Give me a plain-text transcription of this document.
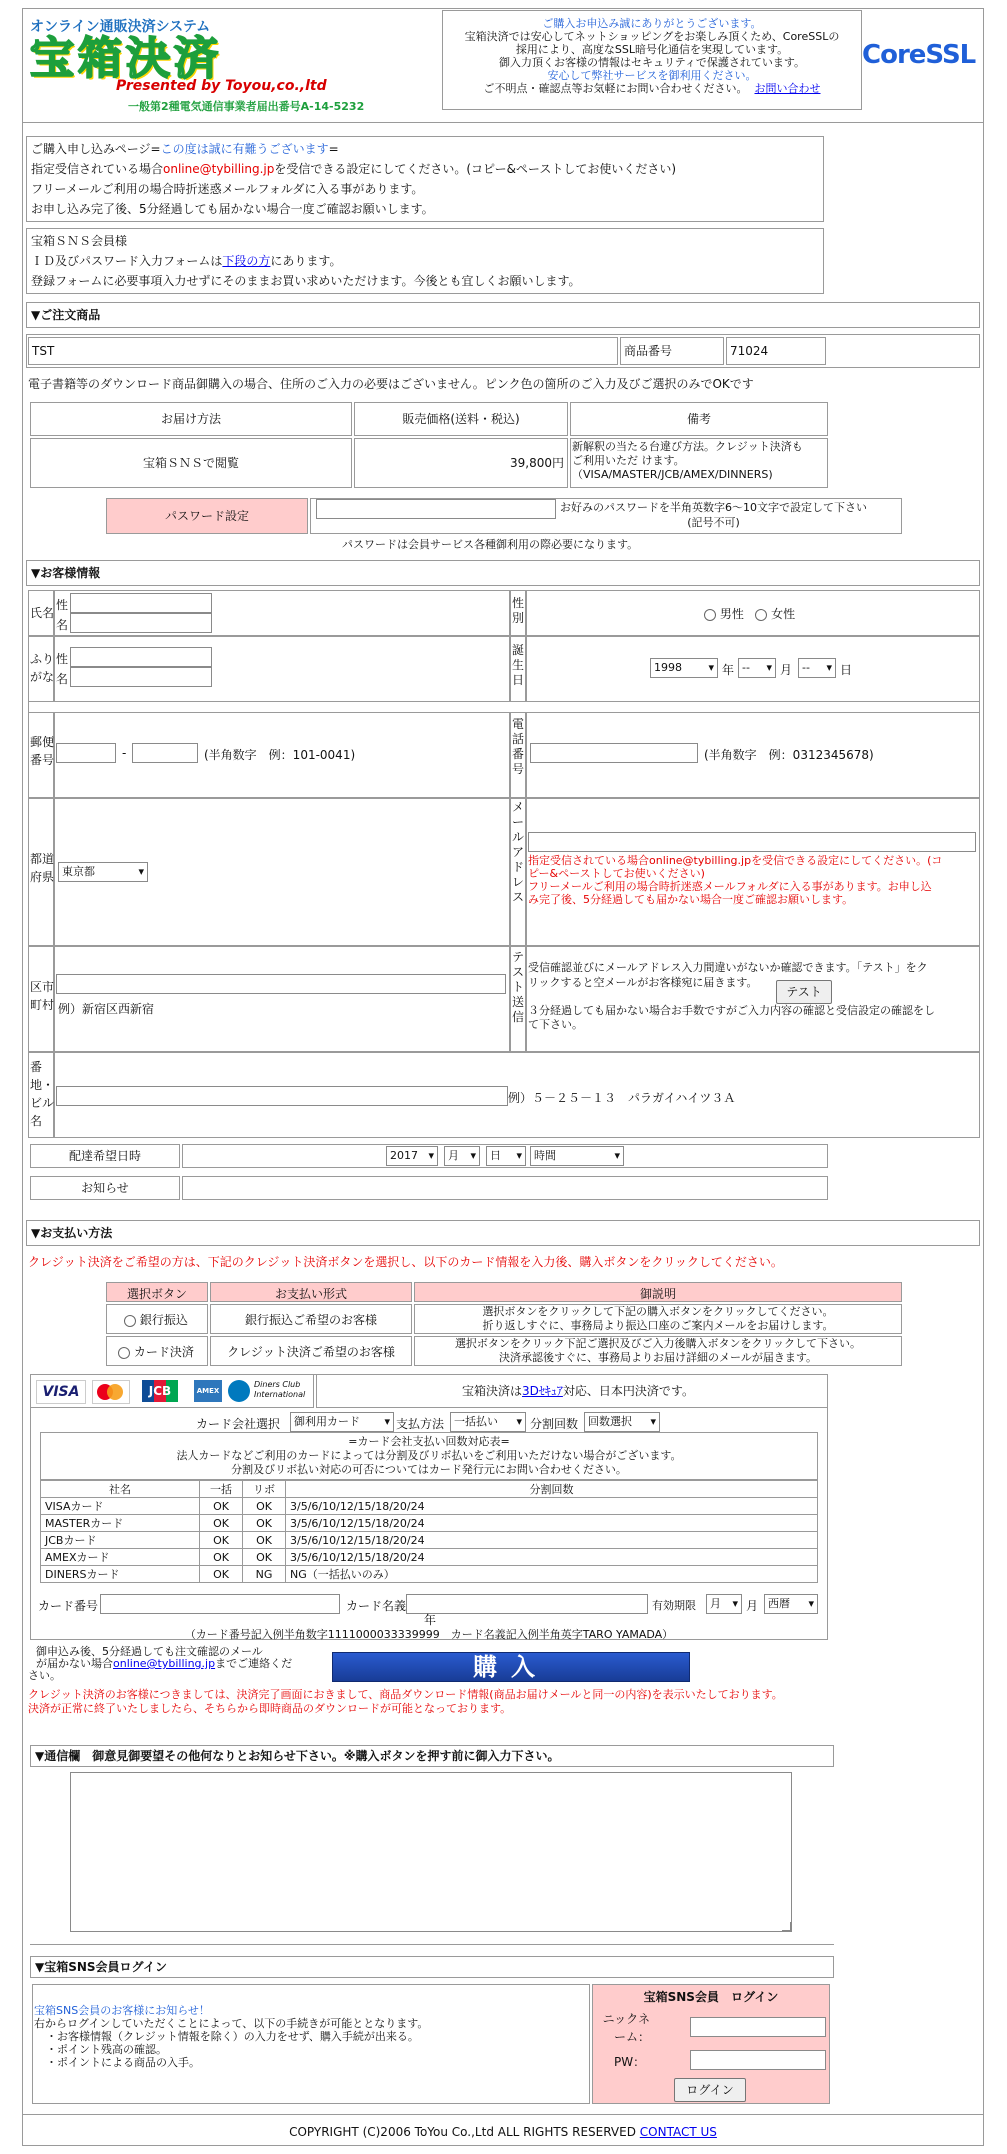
オンライン通販決済システム
宝箱決済
Presented by Toyou,co.,ltd
一般第2種電気通信事業者届出番号A-14-5232
ご購入お申込み誠にありがとうございます。
宝箱決済では安心してネットショッピングをお楽しみ頂くため、CoreSSLの
採用により、高度なSSL暗号化通信を実現しています。
御入力頂くお客様の情報はセキュリティで保護されています。
安心して弊社サービスを御利用ください。
ご不明点・確認点等お気軽にお問い合わせください。 お問い合わせ
CoreSSL
ご購入申し込みページ=この度は誠に有難うございます=
指定受信されている場合online@tybilling.jpを受信できる設定にしてください。(コピー&ペーストしてお使いください)
フリーメールご利用の場合時折迷惑メールフォルダに入る事があります。
お申し込み完了後、5分経過しても届かない場合一度ご確認お願いします。
宝箱ＳＮＳ会員様
ＩＤ及びパスワード入力フォームは下段の方にあります。
登録フォームに必要事項入力せずにそのままお買い求めいただけます。今後とも宜しくお願いします。
▼ご注文商品
TST	商品番号	71024
電子書籍等のダウンロード商品御購入の場合、住所のご入力の必要はございません。ピンク色の箇所のご入力及びご選択のみでOKです
お届け方法	販売価格(送料・税込)	備考
宝箱ＳＮＳで閲覧	39,800円
新解釈の当たる台違び方法。クレジット決済も
ご利用いただ けます。
（VISA/MASTER/JCB/AMEX/DINNERS)
パスワード設定
お好みのパスワードを半角英数字6～10文字で設定して下さい
(記号不可)
パスワードは会員サービス各種御利用の際必要になります。
▼お客様情報
氏名
性
名
性別	男性 女性
ふりがな
性
名
誕生日
1998 ▾	年 -- ▾	月 -- ▾	日
郵便番号	-	(半角数字　例：101-0041)
電話番号
(半角数字　例：0312345678)
都道府県 東京都 ▾
メールアドレス
指定受信されている場合online@tybilling.jpを受信できる設定にしてください。(コ
ピー&ペーストしてお使いください)
フリーメールご利用の場合時折迷惑メールフォルダに入る事があります。お申し込
み完了後、5分経過しても届かない場合一度ご確認お願いします。
区市町村 例）新宿区西新宿
テスト送信
受信確認並びにメールアドレス入力間違いがないか確認できます。「テスト」をク
リックすると空メールがお客様宛に届きます。
テスト
３分経過しても届かない場合お手数ですがご入力内容の確認と受信設定の確認をし
て下さい。
番地・ビル名
例）５－２５－１３　パラガイハイツ３Ａ
配達希望日時	2017 ▾	月 ▾	日 ▾	時間 ▾
お知らせ
▼お支払い方法
クレジット決済をご希望の方は、下記のクレジット決済ボタンを選択し、以下のカード情報を入力後、購入ボタンをクリックしてください。
選択ボタン	お支払い形式	御説明
銀行振込	銀行振込ご希望のお客様
選択ボタンをクリックして下記の購入ボタンをクリックしてください。
折り返しすぐに、事務局より振込口座のご案内メールをお届けします。
カード決済	クレジット決済ご希望のお客様
選択ボタンをクリック下記ご選択及びご入力後購入ボタンをクリックして下さい。
決済承認後すぐに、事務局よりお届け詳細のメールが届きます。
VISA	JCB	AMEX
Diners Club International	宝箱決済は3Dｾｷｭｱ対応、日本円決済です。
カード会社選択	御利用カード ▾	支払方法 一括払い ▾	分割回数 回数選択 ▾
=カード会社支払い回数対応表=
法人カードなどご利用のカードによっては分割及びリボ払いをご利用いただけない場合がございます。
分割及びリボ払い対応の可否についてはカード発行元にお問い合わせください。
社名	一括	リボ	分割回数
VISAカード	OK	OK	3/5/6/10/12/15/18/20/24
MASTERカード	OK	OK	3/5/6/10/12/15/18/20/24
JCBカード	OK	OK	3/5/6/10/12/15/18/20/24
AMEXカード	OK	OK	3/5/6/10/12/15/18/20/24
DINERSカード	OK	NG	NG（一括払いのみ）
カード番号	カード名義	有効期限	月 ▾	月 西暦 ▾
年
（カード番号記入例半角数字1111000033339999　カード名義記入例半角英字TARO YAMADA）
御申込み後、5分経過しても注文確認のメール
が届かない場合online@tybilling.jpまでご連絡くだ
さい。	購入
クレジット決済のお客様につきましては、決済完了画面におきまして、商品ダウンロード情報(商品お届けメールと同一の内容)を表示いたしております。
決済が正常に終了いたしましたら、そちらから即時商品のダウンロードが可能となっております。
▼通信欄　御意見御要望その他何なりとお知らせ下さい。※購入ボタンを押す前に御入力下さい。
▼宝箱SNS会員ログイン
宝箱SNS会員のお客様にお知らせ！
右からログインしていただくことによって、以下の手続きが可能ととなります。
・お客様情報（クレジット情報を除く）の入力をせず、購入手続が出来る。
・ポイント残高の確認。
・ポイントによる商品の入手。
宝箱SNS会員　ログイン
ニックネ
ーム：
PW：
ログイン
COPYRIGHT (C)2006 ToYou Co.,Ltd ALL RIGHTS RESERVED CONTACT US
